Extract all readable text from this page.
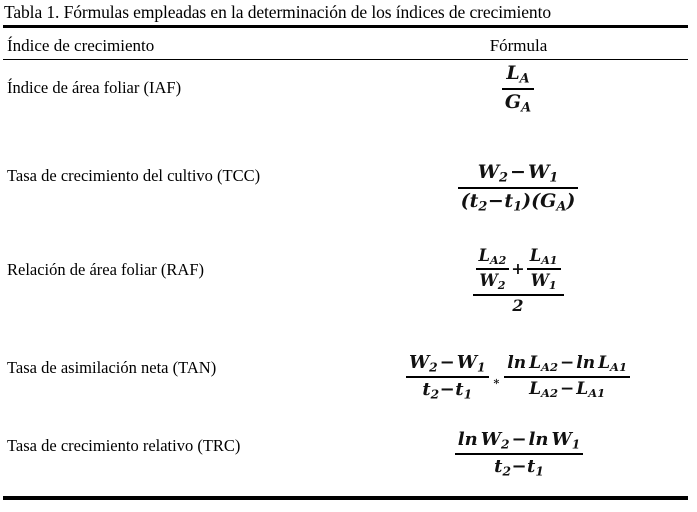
Tabla 1. Fórmulas empleadas en la determinación de los índices de crecimiento
Índice de crecimiento	Fórmula
Índice de área foliar (IAF)	$\frac{L_A}{G_A}$
Tasa de crecimiento del cultivo (TCC)	$\frac{W_2 - W_1}{(t_2-t_1)(G_A)}$
Relación de área foliar (RAF)	$\frac{\frac{L_{A2}}{W_2} + \frac{L_{A1}}{W_1}}{2}$
Tasa de asimilación neta (TAN)	$\frac{W_2 - W_1}{t_2-t_1}$ ∗ $\frac{\ln L_{A2} - \ln L_{A1}}{L_{A2} - L_{A1}}$
Tasa de crecimiento relativo (TRC)	$\frac{\ln W_2 - \ln W_1}{t_2-t_1}$
